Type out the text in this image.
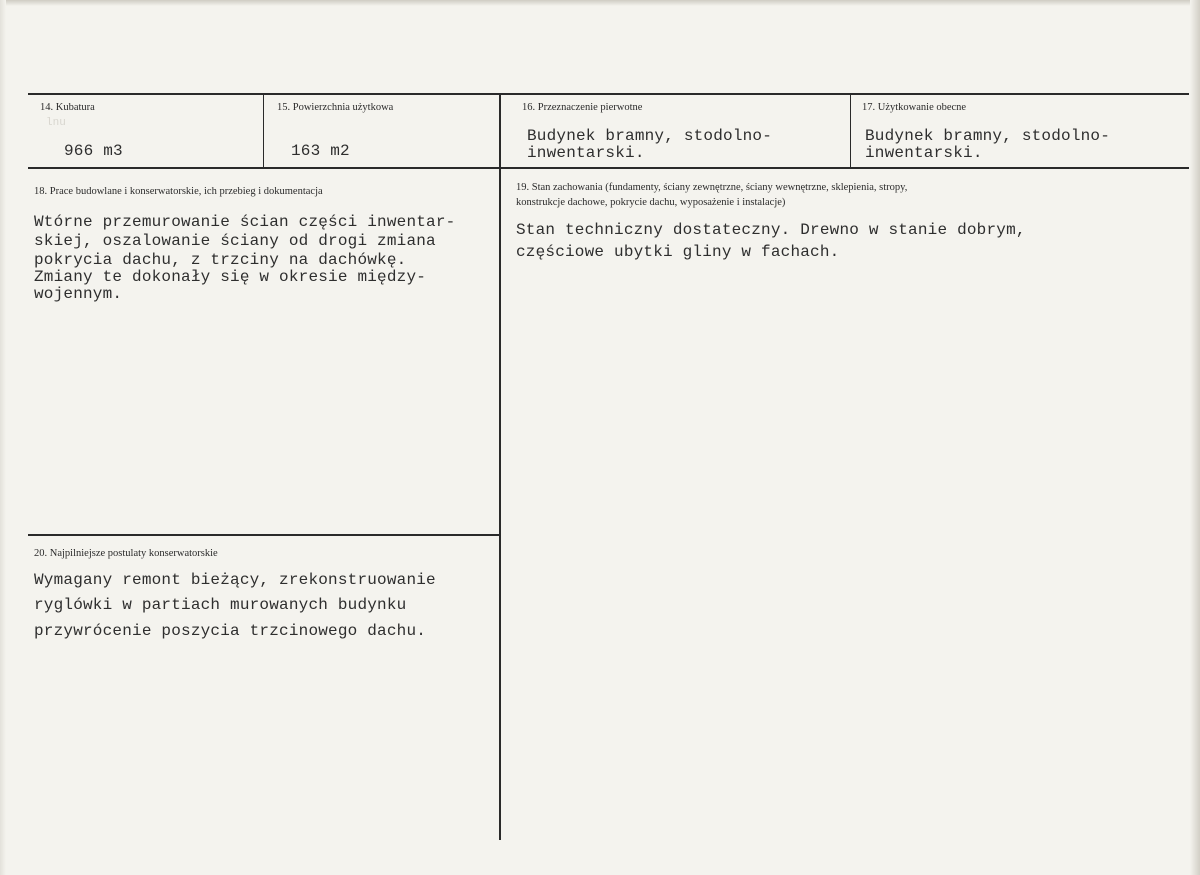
14. Kubatura
lnu
966 m3
15. Powierzchnia użytkowa
163 m2
16. Przeznaczenie pierwotne
Budynek bramny, stodolno-
inwentarski.
17. Użytkowanie obecne
Budynek bramny, stodolno-
inwentarski.
18. Prace budowlane i konserwatorskie, ich przebieg i dokumentacja
Wtórne przemurowanie ścian części inwentar-
skiej, oszalowanie ściany od drogi zmiana
pokrycia dachu, z trzciny na dachówkę.
Zmiany te dokonały się w okresie między-
wojennym.
19. Stan zachowania (fundamenty, ściany zewnętrzne, ściany wewnętrzne, sklepienia, stropy,
konstrukcje dachowe, pokrycie dachu, wyposażenie i instalacje)
Stan techniczny dostateczny. Drewno w stanie dobrym,
częściowe ubytki gliny w fachach.
20. Najpilniejsze postulaty konserwatorskie
Wymagany remont bieżący, zrekonstruowanie
ryglówki w partiach murowanych budynku
przywrócenie poszycia trzcinowego dachu.
